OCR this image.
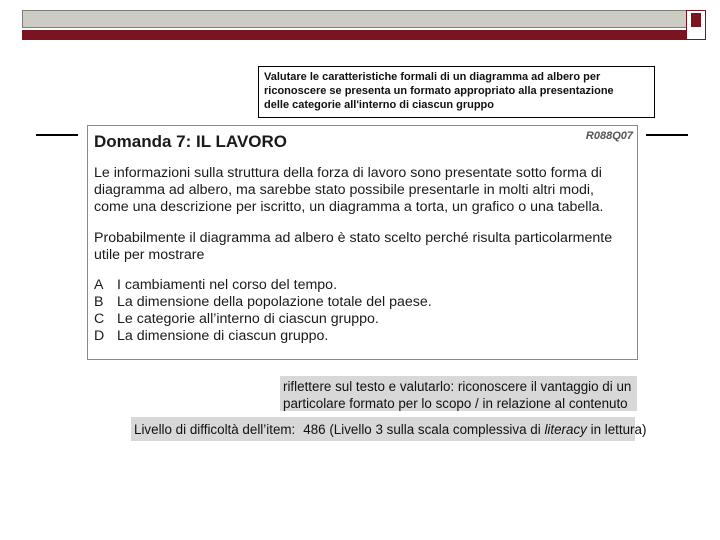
Valutare le caratteristiche formali di un diagramma ad albero per
riconoscere se presenta un formato appropriato alla presentazione
delle categorie all'interno di ciascun gruppo
Domanda 7: IL LAVORO	R088Q07
Le informazioni sulla struttura della forza di lavoro sono presentate sotto forma di
diagramma ad albero, ma sarebbe stato possibile presentarle in molti altri modi,
come una descrizione per iscritto, un diagramma a torta, un grafico o una tabella.
Probabilmente il diagramma ad albero è stato scelto perché risulta particolarmente
utile per mostrare
A I cambiamenti nel corso del tempo.
B La dimensione della popolazione totale del paese.
C Le categorie all’interno di ciascun gruppo.
D La dimensione di ciascun gruppo.
riflettere sul testo e valutarlo: riconoscere il vantaggio di un
particolare formato per lo scopo / in relazione al contenuto
Livello di difficoltà dell’item: 486 (Livello 3 sulla scala complessiva di literacy in lettura)
